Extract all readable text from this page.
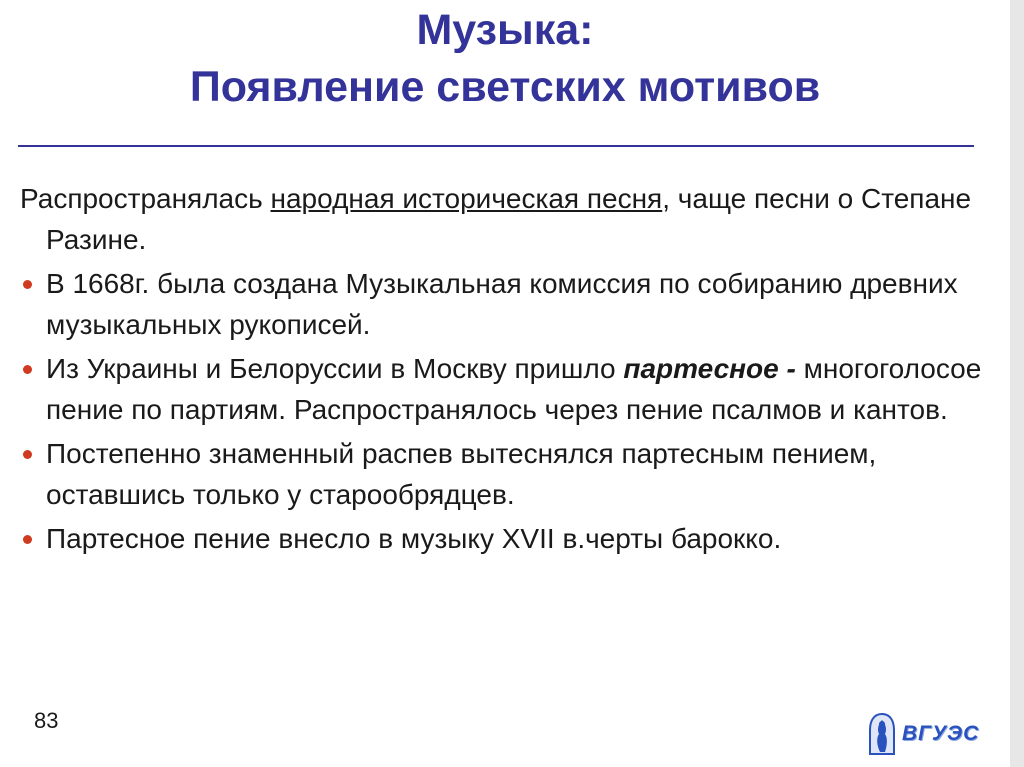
Музыка:
Появление светских мотивов
Распространялась народная историческая песня, чаще песни о Степане Разине.
В 1668г. была создана Музыкальная комиссия по собиранию древних музыкальных рукописей.
Из Украины и Белоруссии в Москву пришло партесное - многоголосое пение по партиям. Распространялось через пение псалмов и кантов.
Постепенно знаменный распев вытеснялся партесным пением, оставшись только у старообрядцев.
Партесное пение внесло в музыку XVII в.черты барокко.
83
ВГУЭС
